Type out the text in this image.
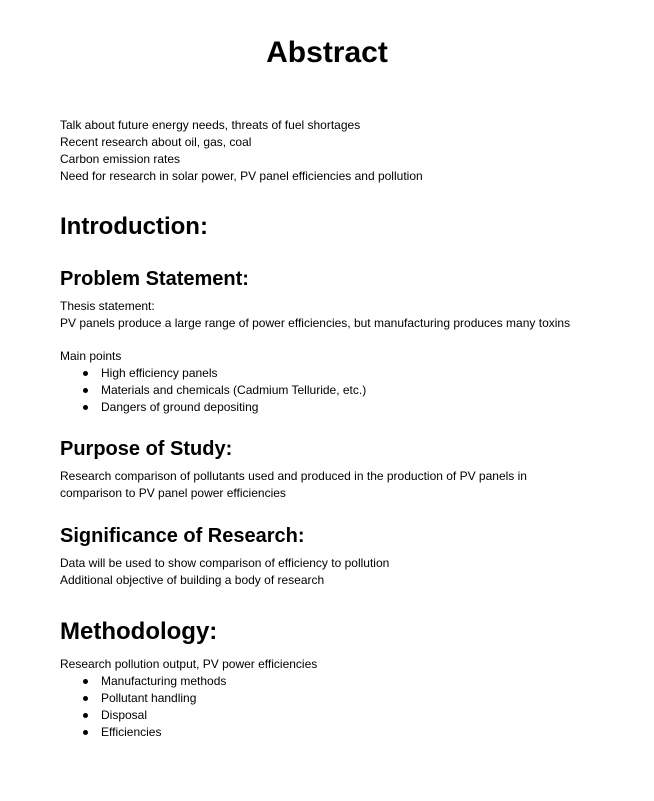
Abstract

Talk about future energy needs, threats of fuel shortages

Recent research about oil, gas, coal

Carbon emission rates

Need for research in solar power, PV panel efficiencies and pollution

Introduction:
Problem Statement:

Thesis statement:

PV panels produce a large range of power efficiencies, but manufacturing produces many toxins

Main points

High efficiency panels
Materials and chemicals (Cadmium Telluride, etc.)
Dangers of ground depositing
Purpose of Study:

Research comparison of pollutants used and produced in the production of PV panels in

comparison to PV panel power efficiencies

Significance of Research:

Data will be used to show comparison of efficiency to pollution

Additional objective of building a body of research

Methodology:

Research pollution output, PV power efficiencies

Manufacturing methods
Pollutant handling
Disposal
Efficiencies
